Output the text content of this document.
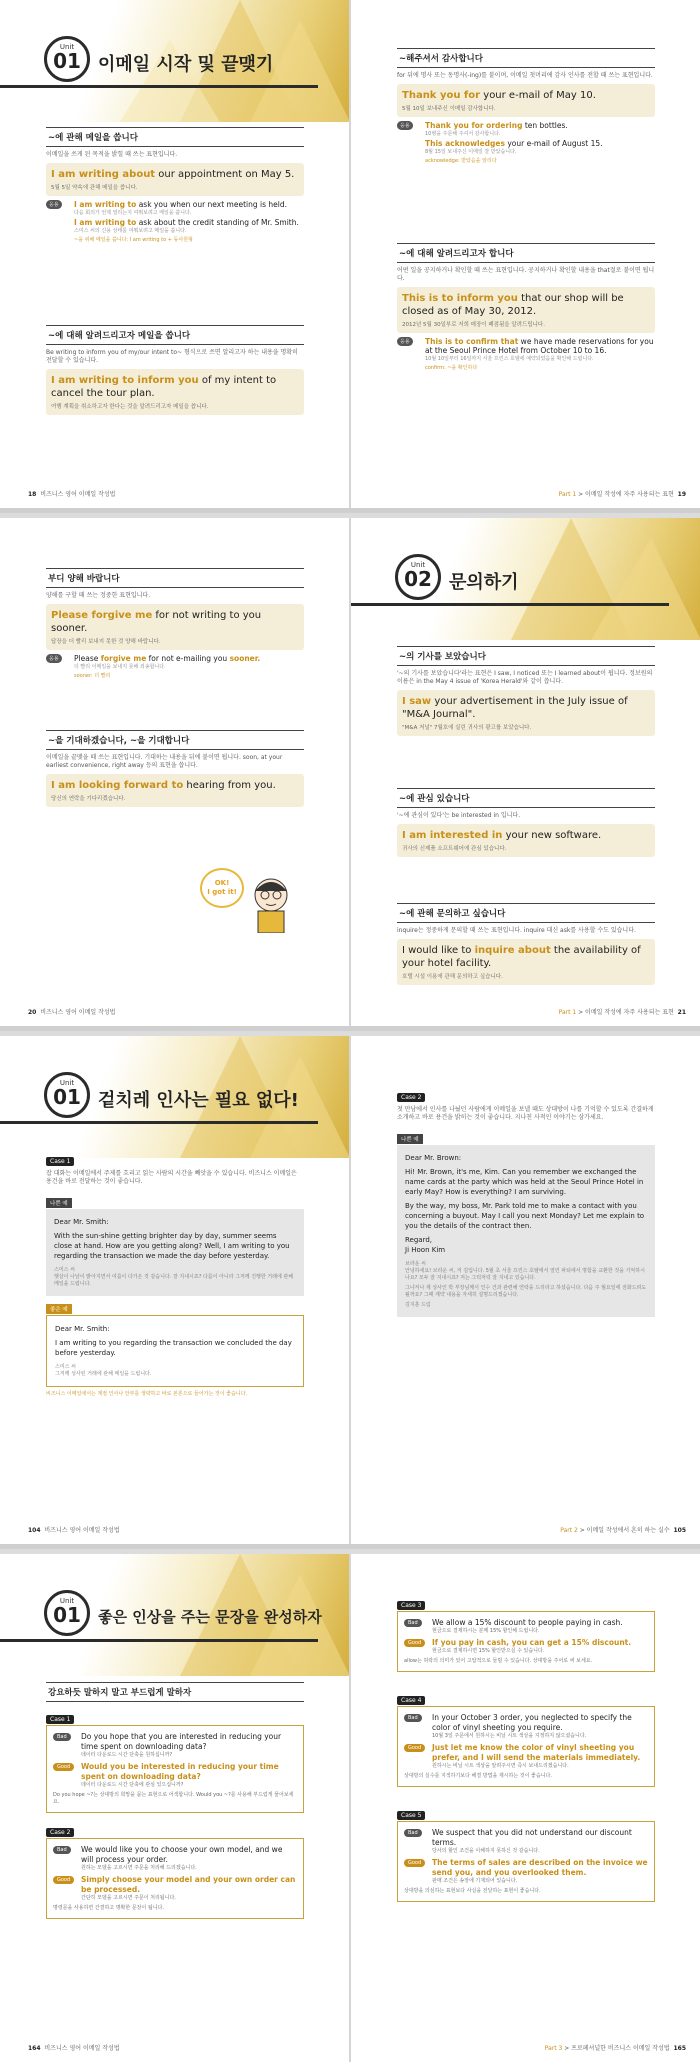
Unit
01 이메일 시작 및 끝맺기
~에 관해 메일을 씁니다
이메일을 쓰게 된 목적을 밝힐 때 쓰는 표현입니다.
I am writing about our appointment on May 5.
5월 5일 약속에 관해 메일을 씁니다.
응용	I am writing to ask you when our next meeting is held.
다음 회의가 언제 열리는지 여쭤보려고 메일을 씁니다.
I am writing to ask about the credit standing of Mr. Smith.
스미스 씨의 신용 상태를 여쭤보려고 메일을 씁니다.
~을 위해 메일을 씁니다: I am writing to + 동사원형
~에 대해 알려드리고자 메일을 씁니다
Be writing to inform you of my/our intent to~ 형식으로 쓰면 알리고자 하는 내용을 명확히 전달할 수 있습니다.
I am writing to inform you of my intent to cancel the tour plan.
여행 계획을 취소하고자 한다는 것을 알려드리고자 메일을 씁니다.
18 비즈니스 영어 이메일 작성법
~해주셔서 감사합니다
for 뒤에 명사 또는 동명사(-ing)를 붙이며, 이메일 첫머리에 감사 인사를 전할 때 쓰는 표현입니다.
Thank you for your e-mail of May 10.
5월 10일 보내주신 이메일 감사합니다.
응용	Thank you for ordering ten bottles.
10병을 주문해 주셔서 감사합니다.
This acknowledges your e-mail of August 15.
8월 15일 보내주신 이메일 잘 받았습니다.
acknowledge: 받았음을 알리다
~에 대해 알려드리고자 합니다
어떤 일을 공지하거나 확인할 때 쓰는 표현입니다. 공지하거나 확인할 내용을 that절로 붙이면 됩니다.
This is to inform you that our shop will be closed as of May 30, 2012.
2012년 5월 30일부로 저희 매장이 폐점됨을 알려드립니다.
응용	This is to confirm that we have made reservations for you at the Seoul Prince Hotel from October 10 to 16.
10월 10일부터 16일까지 서울 프린스 호텔에 예약되었음을 확인해 드립니다.
confirm: ~을 확인하다
Part 1 > 이메일 작성에 자주 사용되는 표현 19
부디 양해 바랍니다
양해를 구할 때 쓰는 정중한 표현입니다.
Please forgive me for not writing to you sooner.
답장을 더 빨리 보내지 못한 것 양해 바랍니다.
응용	Please forgive me for not e-mailing you sooner.
더 빨리 이메일을 보내지 못해 죄송합니다.
sooner: 더 빨리
~을 기대하겠습니다, ~을 기대합니다
이메일을 끝맺을 때 쓰는 표현입니다. 기대하는 내용을 뒤에 붙이면 됩니다. soon, at your earliest convenience, right away 등의 표현을 씁니다.
I am looking forward to hearing from you.
당신의 연락을 기다리겠습니다.
OK!
I got it!
20 비즈니스 영어 이메일 작성법
Unit
02 문의하기
~의 기사를 보았습니다
'~의 기사를 보았습니다'라는 표현은 I saw, I noticed 또는 I learned about이 됩니다. 정보원의 이름은 in the May 4 issue of 'Korea Herald'와 같이 씁니다.
I saw your advertisement in the July issue of "M&A Journal".
"M&A 저널" 7월호에 실린 귀사의 광고를 보았습니다.
~에 관심 있습니다
'~에 관심이 있다'는 be interested in 입니다.
I am interested in your new software.
귀사의 신제품 소프트웨어에 관심 있습니다.
~에 관해 문의하고 싶습니다
inquire는 정중하게 문의할 때 쓰는 표현입니다. inquire 대신 ask를 사용할 수도 있습니다.
I would like to inquire about the availability of your hotel facility.
호텔 시설 이용에 관해 문의하고 싶습니다.
Part 1 > 이메일 작성에 자주 사용되는 표현 21
Unit
01 겉치레 인사는 필요 없다!
Case 1
잡 대화는 이메일에서 주제를 흐리고 읽는 사람의 시간을 빼앗을 수 있습니다. 비즈니스 이메일은 용건을 바로 전달하는 것이 좋습니다.
나쁜 예
Dear Mr. Smith:
With the sun-shine getting brighter day by day, summer seems close at hand. How are you getting along? Well, I am writing to you regarding the transaction we made the day before yesterday.
스미스 씨
햇살이 나날이 밝아지면서 여름이 다가온 것 같습니다. 잘 지내시죠? 다름이 아니라 그저께 진행한 거래에 관해 메일을 드립니다.
좋은 예
Dear Mr. Smith:
I am writing to you regarding the transaction we concluded the day before yesterday.
스미스 씨
그저께 성사된 거래에 관해 메일을 드립니다.
비즈니스 이메일에서는 계절 인사나 안부를 생략하고 바로 본론으로 들어가는 것이 좋습니다.
104 비즈니스 영어 이메일 작성법
Case 2
첫 만남에서 인사를 나눴던 사람에게 이메일을 보낼 때도 상대방이 나를 기억할 수 있도록 간결하게 소개하고 바로 용건을 밝히는 것이 좋습니다. 지나친 사적인 이야기는 삼가세요.
나쁜 예
Dear Mr. Brown:
Hi! Mr. Brown, it's me, Kim. Can you remember we exchanged the name cards at the party which was held at the Seoul Prince Hotel in early May? How is everything? I am surviving.
By the way, my boss, Mr. Park told me to make a contact with you concerning a buyout. May I call you next Monday? Let me explain to you the details of the contract then.
Regard,
Ji Hoon Kim
브라운 씨
안녕하세요! 브라운 씨, 저 김입니다. 5월 초 서울 프린스 호텔에서 열린 파티에서 명함을 교환한 것을 기억하시나요? 모두 잘 지내시죠? 저는 그럭저럭 잘 지내고 있습니다.
그나저나 제 상사인 박 부장님께서 인수 건과 관련해 연락을 드리라고 하셨습니다. 다음 주 월요일에 전화드려도 될까요? 그때 계약 내용을 자세히 설명드리겠습니다.
김지훈 드림
Part 2 > 이메일 작성에서 흔히 하는 실수 105
Unit
01	좋은 인상을 주는 문장을 완성하자
강요하듯 말하지 말고 부드럽게 말하자
Case 1
Bad	Do you hope that you are interested in reducing your time spent on downloading data?
데이터 다운로드 시간 단축을 원하십니까?
Good	Would you be interested in reducing your time spent on downloading data?
데이터 다운로드 시간 단축에 관심 있으십니까?
Do you hope ~?는 상대방의 희망을 묻는 표현으로 어색합니다. Would you ~?를 사용해 부드럽게 물어보세요.
Case 2
Bad	We would like you to choose your own model, and we will process your order.
원하는 모델을 고르시면 주문을 처리해 드리겠습니다.
Good	Simply choose your model and your own order can be processed.
간단히 모델을 고르시면 주문이 처리됩니다.
명령문을 사용하면 간결하고 명확한 문장이 됩니다.
164 비즈니스 영어 이메일 작성법
Case 3
Bad	We allow a 15% discount to people paying in cash.
현금으로 결제하시는 분께 15% 할인해 드립니다.
Good	If you pay in cash, you can get a 15% discount.
현금으로 결제하시면 15% 할인받으실 수 있습니다.
allow는 허락의 의미가 있어 고압적으로 들릴 수 있습니다. 상대방을 주어로 써 보세요.
Case 4
Bad	In your October 3 order, you neglected to specify the color of vinyl sheeting you require.
10월 3일 주문에서 원하시는 비닐 시트 색상을 지정하지 않으셨습니다.
Good	Just let me know the color of vinyl sheeting you prefer, and I will send the materials immediately.
원하시는 비닐 시트 색상을 알려주시면 즉시 보내드리겠습니다.
상대방의 실수를 지적하기보다 해결 방법을 제시하는 것이 좋습니다.
Case 5
Bad	We suspect that you did not understand our discount terms.
당사의 할인 조건을 이해하지 못하신 것 같습니다.
Good	The terms of sales are described on the invoice we send you, and you overlooked them.
판매 조건은 송장에 기재되어 있습니다.
상대방을 의심하는 표현보다 사실을 전달하는 표현이 좋습니다.
Part 3 > 프로페셔널한 비즈니스 이메일 작성법 165
